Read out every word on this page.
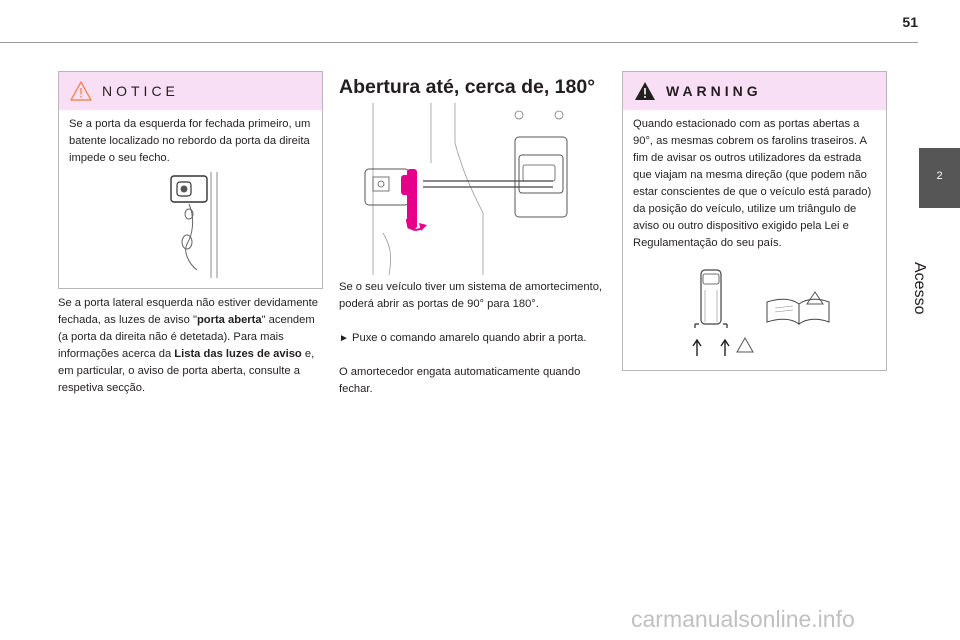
51
2
Acesso
NOTICE
Se a porta da esquerda for fechada primeiro, um batente localizado no rebordo da porta da direita impede o seu fecho.
Se a porta lateral esquerda não estiver devidamente fechada, as luzes de aviso "porta aberta" acendem (a porta da direita não é detetada). Para mais informações acerca da Lista das luzes de aviso e, em particular, o aviso de porta aberta, consulte a respetiva secção.
Abertura até, cerca de, 180°
Se o seu veículo tiver um sistema de amortecimento, poderá abrir as portas de 90° para 180°.
► Puxe o comando amarelo quando abrir a porta.
O amortecedor engata automaticamente quando fechar.
WARNING
Quando estacionado com as portas abertas a 90°, as mesmas cobrem os farolins traseiros. A fim de avisar os outros utilizadores da estrada que viajam na mesma direção (que podem não estar conscientes de que o veículo está parado) da posição do veículo, utilize um triângulo de aviso ou outro dispositivo exigido pela Lei e Regulamentação do seu país.
carmanualsonline.info
